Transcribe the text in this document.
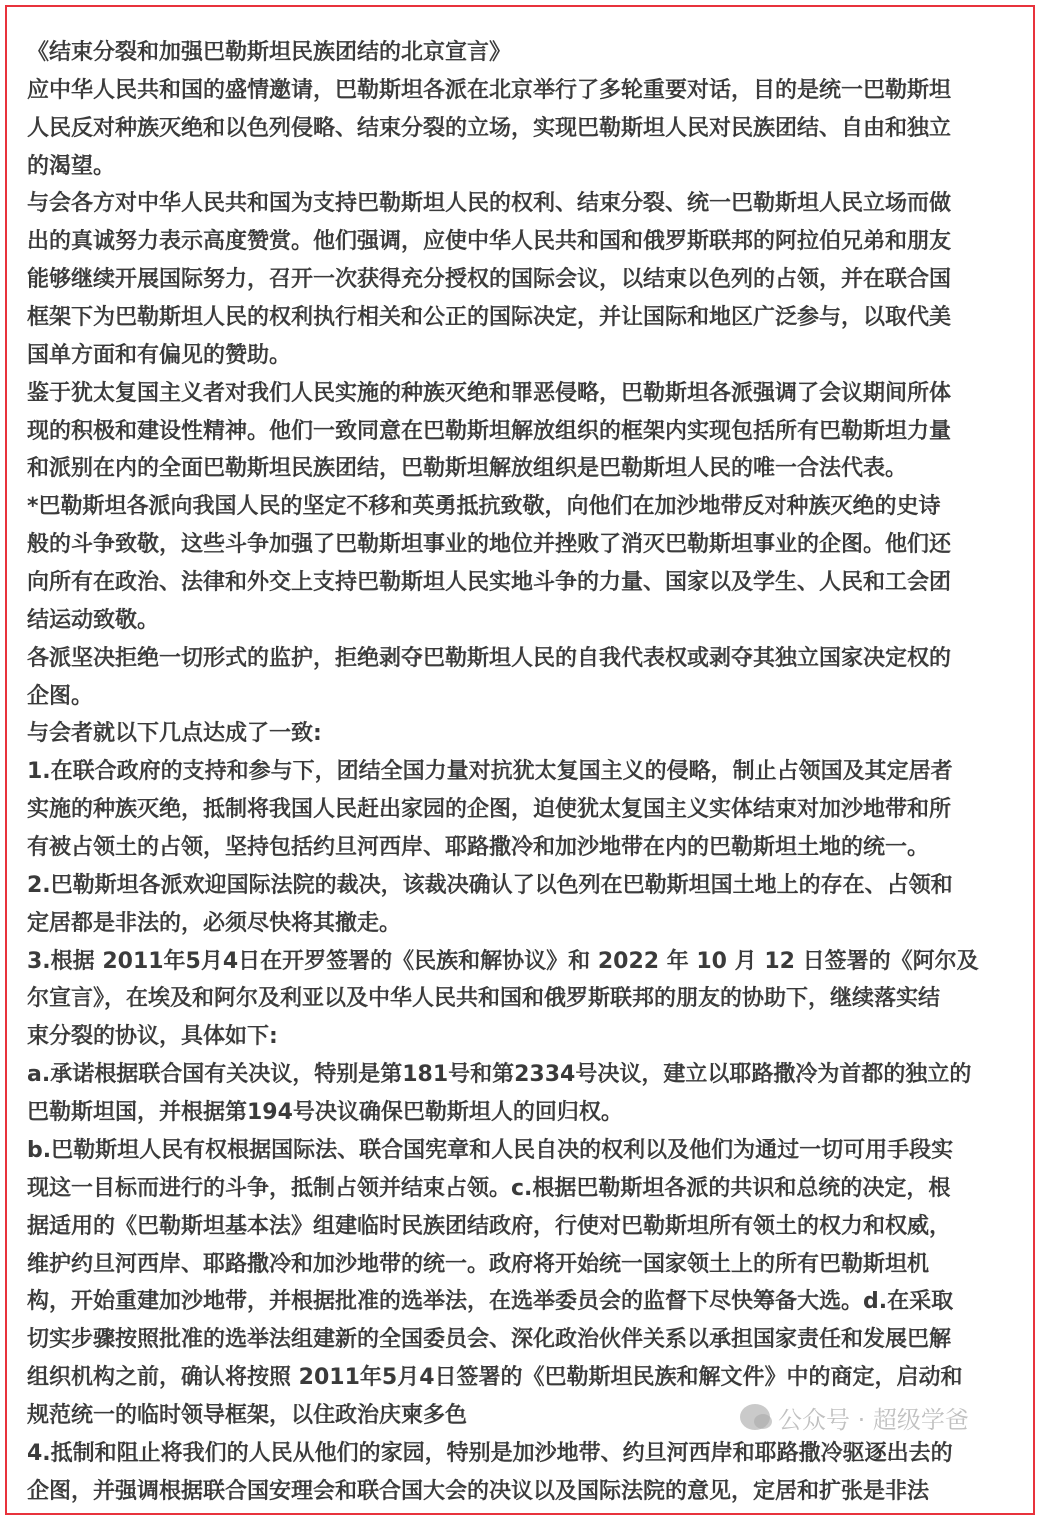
《结束分裂和加强巴勒斯坦民族团结的北京宣言》
应中华人民共和国的盛情邀请，巴勒斯坦各派在北京举行了多轮重要对话，目的是统一巴勒斯坦
人民反对种族灭绝和以色列侵略、结束分裂的立场，实现巴勒斯坦人民对民族团结、自由和独立
的渴望。
与会各方对中华人民共和国为支持巴勒斯坦人民的权利、结束分裂、统一巴勒斯坦人民立场而做
出的真诚努力表示高度赞赏。他们强调，应使中华人民共和国和俄罗斯联邦的阿拉伯兄弟和朋友
能够继续开展国际努力，召开一次获得充分授权的国际会议，以结束以色列的占领，并在联合国
框架下为巴勒斯坦人民的权利执行相关和公正的国际决定，并让国际和地区广泛参与，以取代美
国单方面和有偏见的赞助。
鉴于犹太复国主义者对我们人民实施的种族灭绝和罪恶侵略，巴勒斯坦各派强调了会议期间所体
现的积极和建设性精神。他们一致同意在巴勒斯坦解放组织的框架内实现包括所有巴勒斯坦力量
和派别在内的全面巴勒斯坦民族团结，巴勒斯坦解放组织是巴勒斯坦人民的唯一合法代表。
*巴勒斯坦各派向我国人民的坚定不移和英勇抵抗致敬，向他们在加沙地带反对种族灭绝的史诗
般的斗争致敬，这些斗争加强了巴勒斯坦事业的地位并挫败了消灭巴勒斯坦事业的企图。他们还
向所有在政治、法律和外交上支持巴勒斯坦人民实地斗争的力量、国家以及学生、人民和工会团
结运动致敬。
各派坚决拒绝一切形式的监护，拒绝剥夺巴勒斯坦人民的自我代表权或剥夺其独立国家决定权的
企图。
与会者就以下几点达成了一致:
1.在联合政府的支持和参与下，团结全国力量对抗犹太复国主义的侵略，制止占领国及其定居者
实施的种族灭绝，抵制将我国人民赶出家园的企图，迫使犹太复国主义实体结束对加沙地带和所
有被占领土的占领，坚持包括约旦河西岸、耶路撒冷和加沙地带在内的巴勒斯坦土地的统一。
2.巴勒斯坦各派欢迎国际法院的裁决，该裁决确认了以色列在巴勒斯坦国土地上的存在、占领和
定居都是非法的，必须尽快将其撤走。
3.根据 2011年5月4日在开罗签署的《民族和解协议》和 2022 年 10 月 12 日签署的《阿尔及
尔宣言》，在埃及和阿尔及利亚以及中华人民共和国和俄罗斯联邦的朋友的协助下，继续落实结
束分裂的协议，具体如下:
a.承诺根据联合国有关决议，特别是第181号和第2334号决议，建立以耶路撒冷为首都的独立的
巴勒斯坦国，并根据第194号决议确保巴勒斯坦人的回归权。
b.巴勒斯坦人民有权根据国际法、联合国宪章和人民自决的权利以及他们为通过一切可用手段实
现这一目标而进行的斗争，抵制占领并结束占领。c.根据巴勒斯坦各派的共识和总统的决定，根
据适用的《巴勒斯坦基本法》组建临时民族团结政府，行使对巴勒斯坦所有领土的权力和权威，
维护约旦河西岸、耶路撒冷和加沙地带的统一。政府将开始统一国家领土上的所有巴勒斯坦机
构，开始重建加沙地带，并根据批准的选举法，在选举委员会的监督下尽快筹备大选。d.在采取
切实步骤按照批准的选举法组建新的全国委员会、深化政治伙伴关系以承担国家责任和发展巴解
组织机构之前，确认将按照 2011年5月4日签署的《巴勒斯坦民族和解文件》中的商定，启动和
规范统一的临时领导框架，以住政治庆柬多色
4.抵制和阻止将我们的人民从他们的家园，特别是加沙地带、约旦河西岸和耶路撒冷驱逐出去的
企图，并强调根据联合国安理会和联合国大会的决议以及国际法院的意见，定居和扩张是非法
公众号 · 超级学爸
